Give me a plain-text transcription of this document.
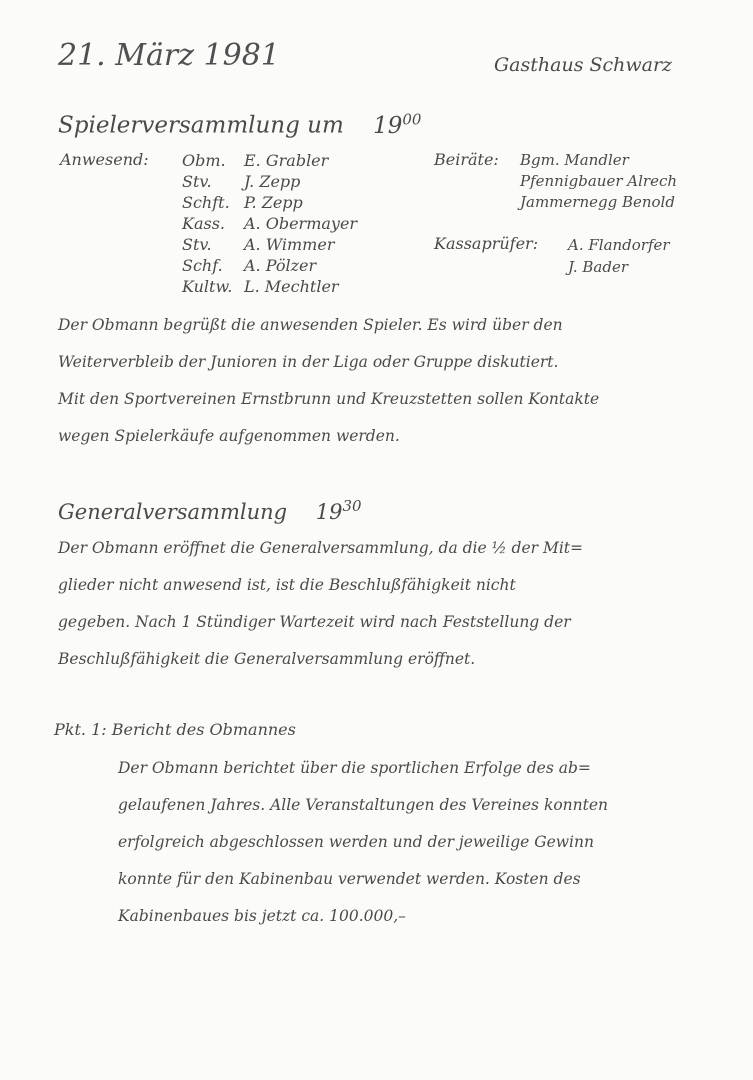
21. März 1981	Gasthaus Schwarz
Spielerversammlung um $19^{00}$
Anwesend: Obm.
Stv.
Schft.
Kass.
Stv.
Schf.
Kultw.
E. Grabler
J. Zepp
P. Zepp
A. Obermayer
A. Wimmer
A. Pölzer
L. Mechtler
Beiräte: Bgm. Mandler
Pfennigbauer Alrech
Jammernegg Benold
Kassaprüfer: A. Flandorfer
J. Bader
Der Obmann begrüßt die anwesenden Spieler. Es wird über den
Weiterverbleib der Junioren in der Liga oder Gruppe diskutiert.
Mit den Sportvereinen Ernstbrunn und Kreuzstetten sollen Kontakte
wegen Spielerkäufe aufgenommen werden.
Generalversammlung $19^{30}$
Der Obmann eröffnet die Generalversammlung, da die ½ der Mit=
glieder nicht anwesend ist, ist die Beschlußfähigkeit nicht
gegeben. Nach 1 Stündiger Wartezeit wird nach Feststellung der
Beschlußfähigkeit die Generalversammlung eröffnet.
Pkt. 1: Bericht des Obmannes
Der Obmann berichtet über die sportlichen Erfolge des ab=
gelaufenen Jahres. Alle Veranstaltungen des Vereines konnten
erfolgreich abgeschlossen werden und der jeweilige Gewinn
konnte für den Kabinenbau verwendet werden. Kosten des
Kabinenbaues bis jetzt ca. 100.000,–
